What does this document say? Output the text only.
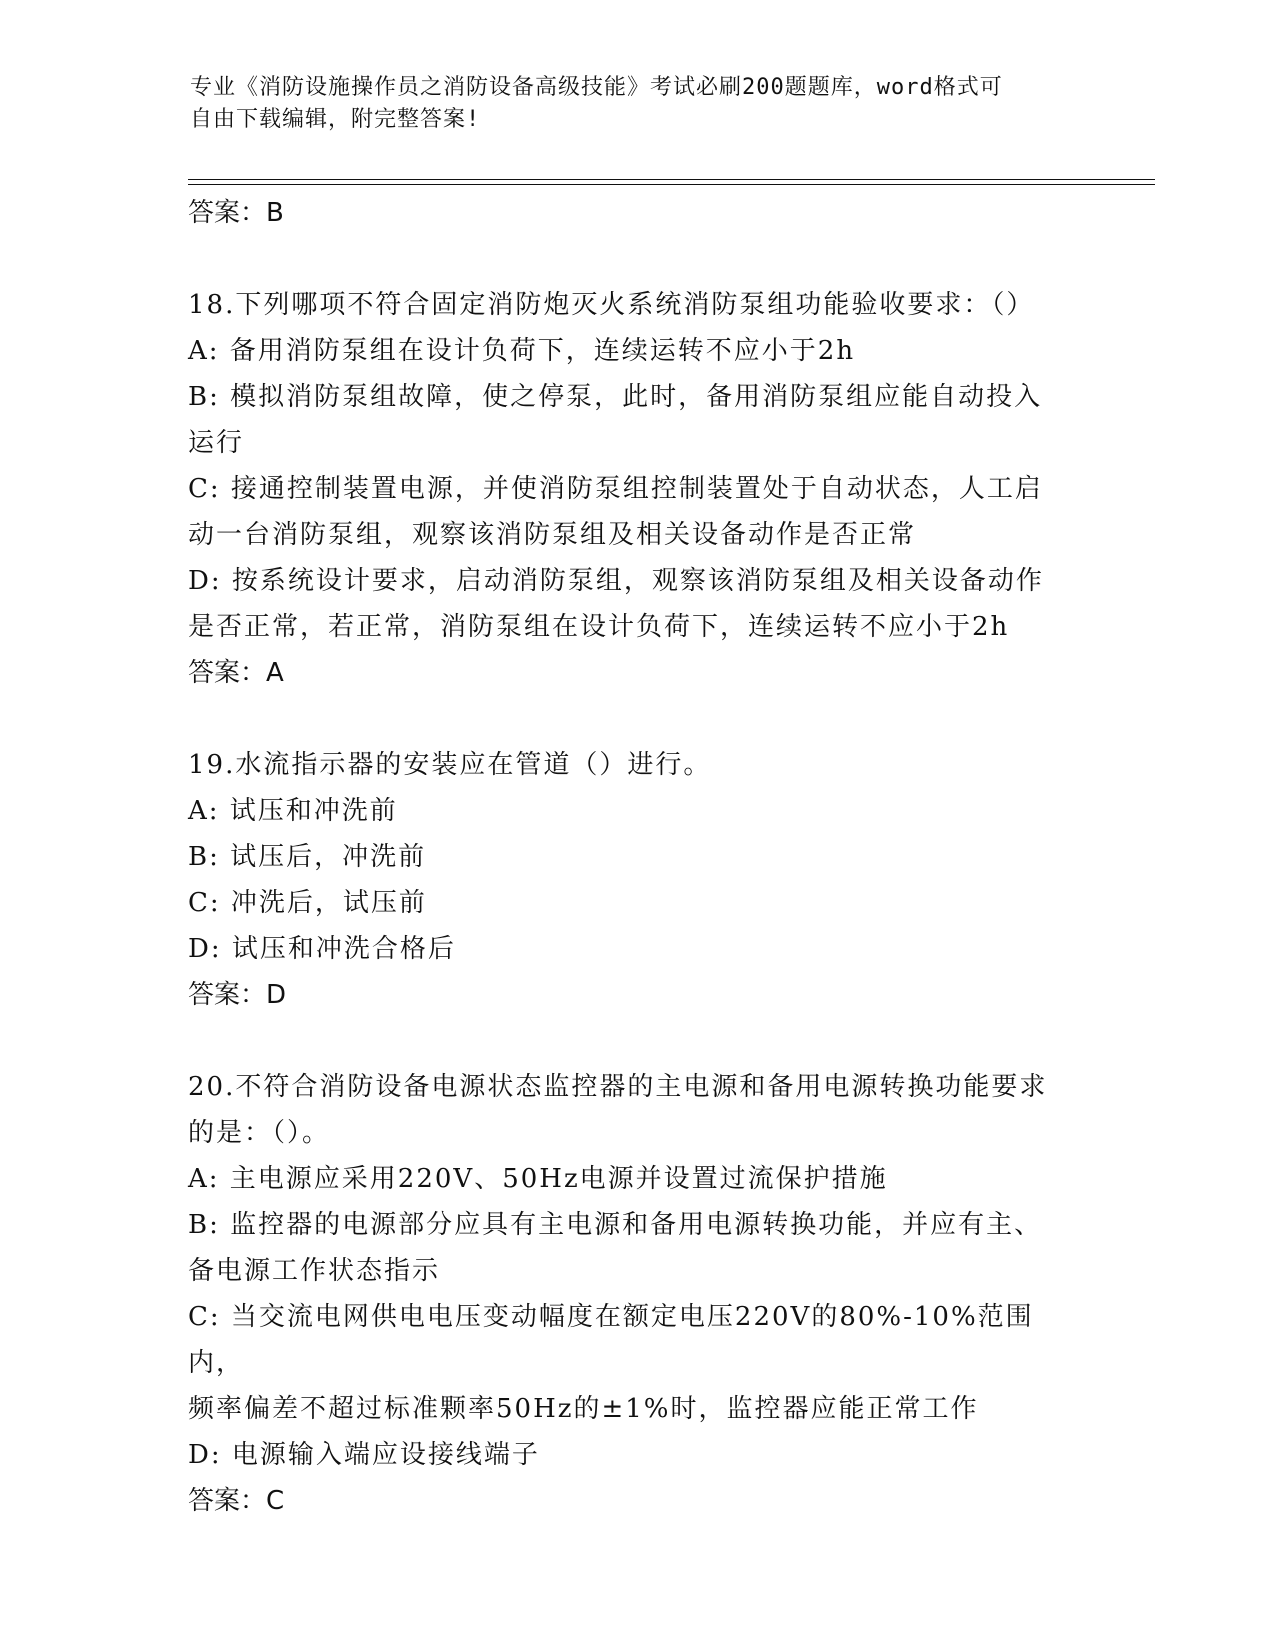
专业《消防设施操作员之消防设备高级技能》考试必刷200题题库，word格式可
自由下载编辑，附完整答案!
答案：B
18.下列哪项不符合固定消防炮灭火系统消防泵组功能验收要求：（）
A: 备用消防泵组在设计负荷下，连续运转不应小于2h
B: 模拟消防泵组故障，使之停泵，此时，备用消防泵组应能自动投入
运行
C: 接通控制装置电源，并使消防泵组控制装置处于自动状态，人工启
动一台消防泵组，观察该消防泵组及相关设备动作是否正常
D: 按系统设计要求，启动消防泵组，观察该消防泵组及相关设备动作
是否正常，若正常，消防泵组在设计负荷下，连续运转不应小于2h
答案：A
19.水流指示器的安装应在管道（）进行。
A: 试压和冲洗前
B: 试压后，冲洗前
C: 冲洗后，试压前
D: 试压和冲洗合格后
答案：D
20.不符合消防设备电源状态监控器的主电源和备用电源转换功能要求
的是：（）。
A: 主电源应采用220V、50Hz电源并设置过流保护措施
B: 监控器的电源部分应具有主电源和备用电源转换功能，并应有主、
备电源工作状态指示
C: 当交流电网供电电压变动幅度在额定电压220V的80%-10%范围内，
频率偏差不超过标准颗率50Hz的±1%时，监控器应能正常工作
D: 电源输入端应设接线端子
答案：C
